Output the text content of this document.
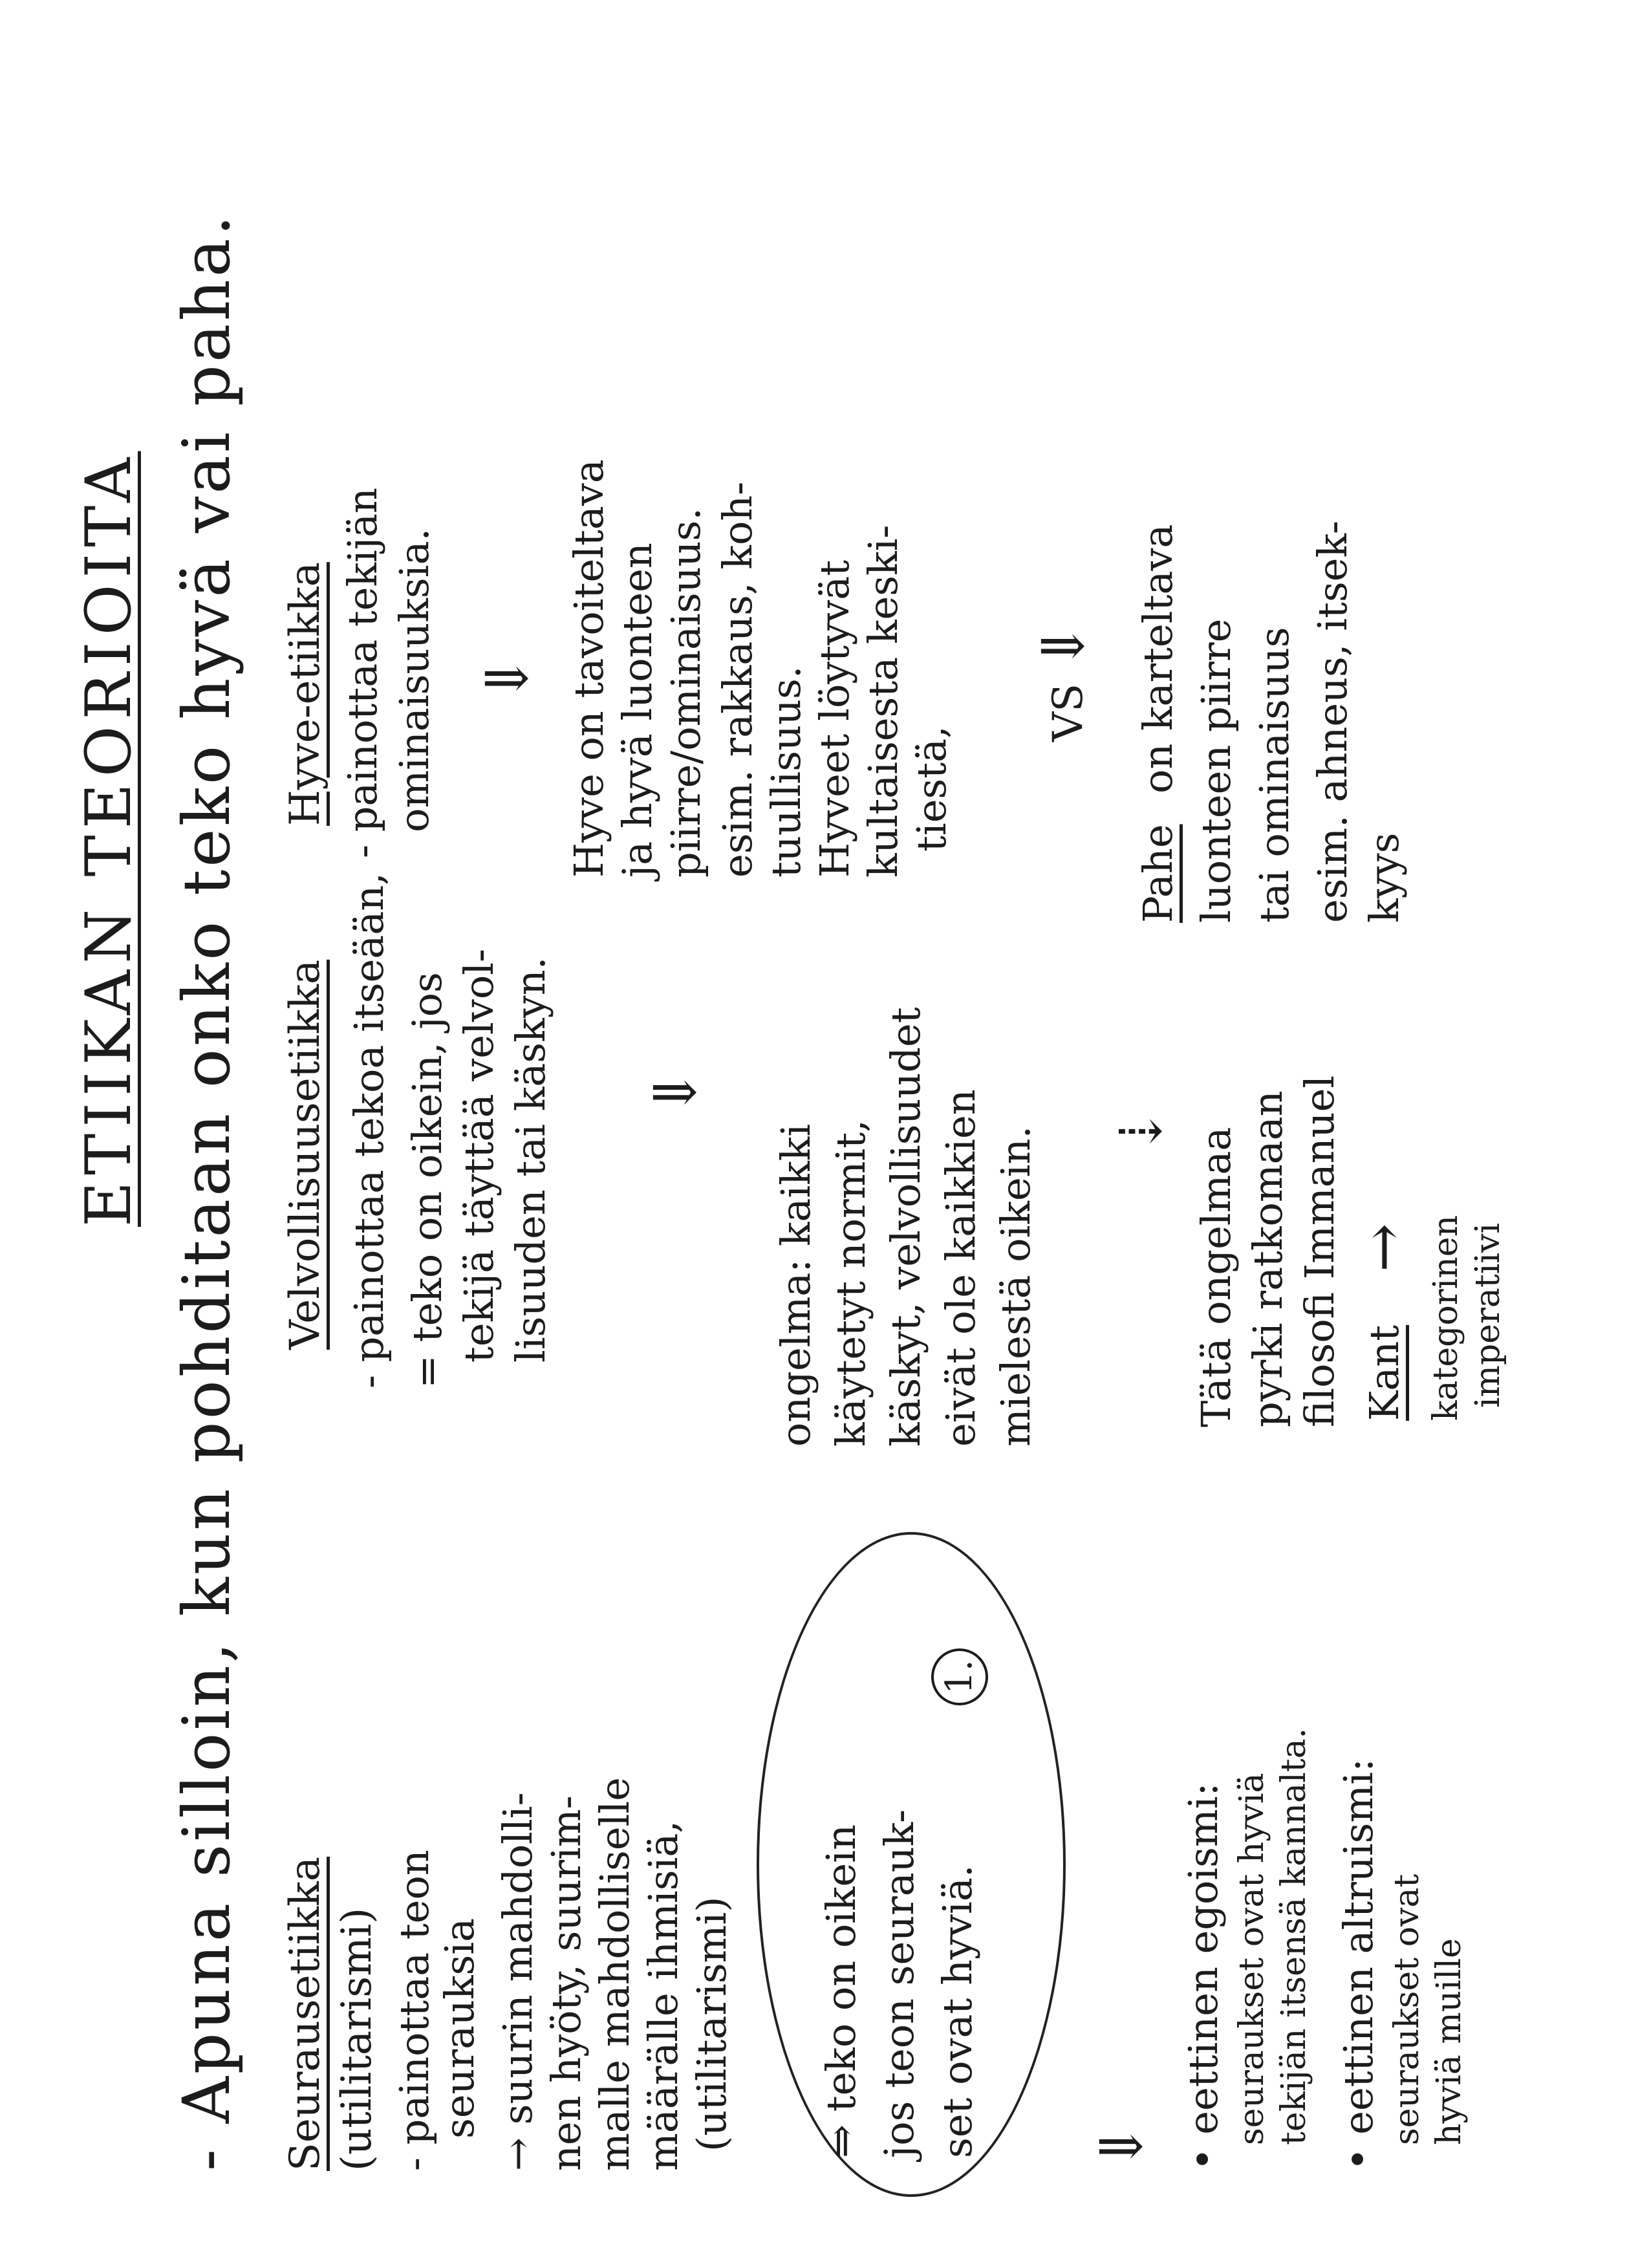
ETIIKAN TEORIOITA - Apuna silloin, kun pohditaan onko teko hyvä vai paha. Seurausetiikka (utilitarismi) - painottaa teon
seurauksia → suurin mahdolli- nen hyöty, suurim- malle mahdolliselle määrälle ihmisiä, (utilitarismi) ⇒ teko on oikein jos teon seurauk- set ovat hyviä.
1.
⇓ • eettinen egoismi: seuraukset ovat hyviä tekijän itsensä kannalta. • eettinen altruismi: seuraukset ovat hyviä muille
Velvollisuusetiikka - painottaa tekoa itseään, = teko on oikein, jos tekijä täyttää velvol- lisuuden tai käskyn. ⇓
ongelma: kaikki käytetyt normit, käskyt, velvollisuudet eivät ole kaikkien mielestä oikein. ⇣ Tätä ongelmaa pyrki ratkomaan filosofi Immanuel Kant
→ kategorinen imperatiivi
Hyve-etiikka - painottaa tekijän ominaisuuksia. ⇓ Hyve on tavoiteltava ja hyvä luonteen piirre/ominaisuus. esim. rakkaus, koh- tuullisuus. Hyveet löytyvät kultaisesta keski- tiestä,
VS
⇓
Pahe
on karteltava luonteen piirre tai ominaisuus esim. ahneus, itsek- kyys
